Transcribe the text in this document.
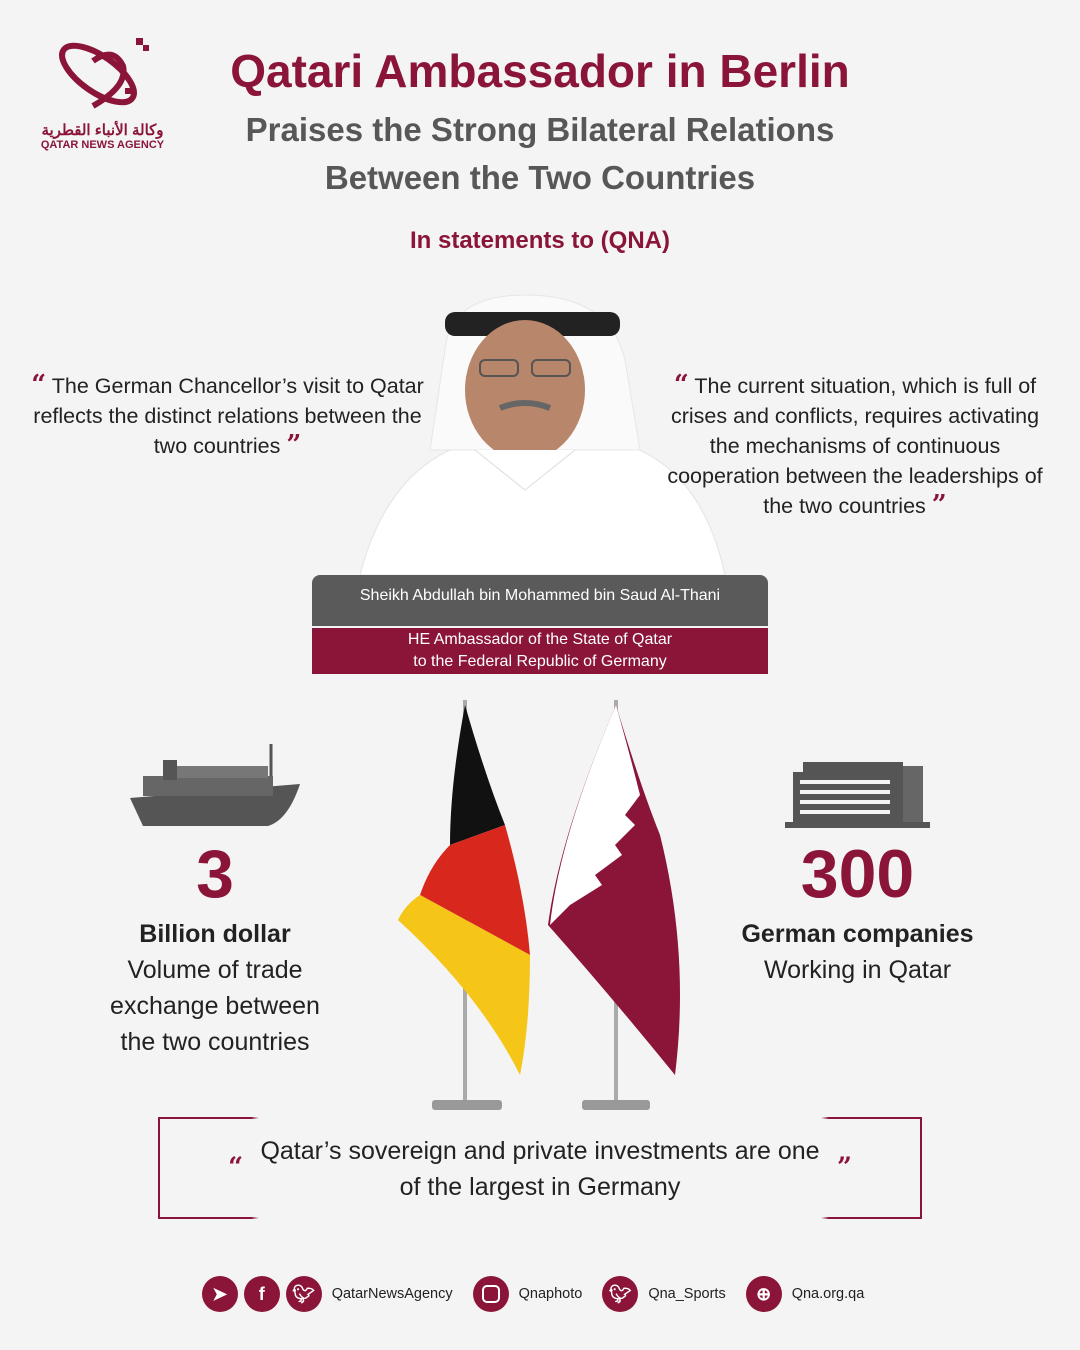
وكالة الأنباء القطرية
QATAR NEWS AGENCY
Qatari Ambassador in Berlin
Praises the Strong Bilateral Relations
Between the Two Countries
In statements to (QNA)
“ The German Chancellor’s visit to Qatar reflects the distinct relations between the two countries ”
“ The current situation, which is full of crises and conflicts, requires activating the mechanisms of continuous cooperation between the leaderships of the two countries ”
Sheikh Abdullah bin Mohammed bin Saud Al-Thani
HE Ambassador of the State of Qatar
to the Federal Republic of Germany
3
Billion dollar
Volume of trade
exchange between
the two countries
300
German companies
Working in Qatar
“ Qatar’s sovereign and private investments are one of the largest in Germany ”
➤	f	🐦︎	QatarNewsAgency	Qnaphoto	🐦︎	Qna_Sports	⊕	Qna.org.qa
